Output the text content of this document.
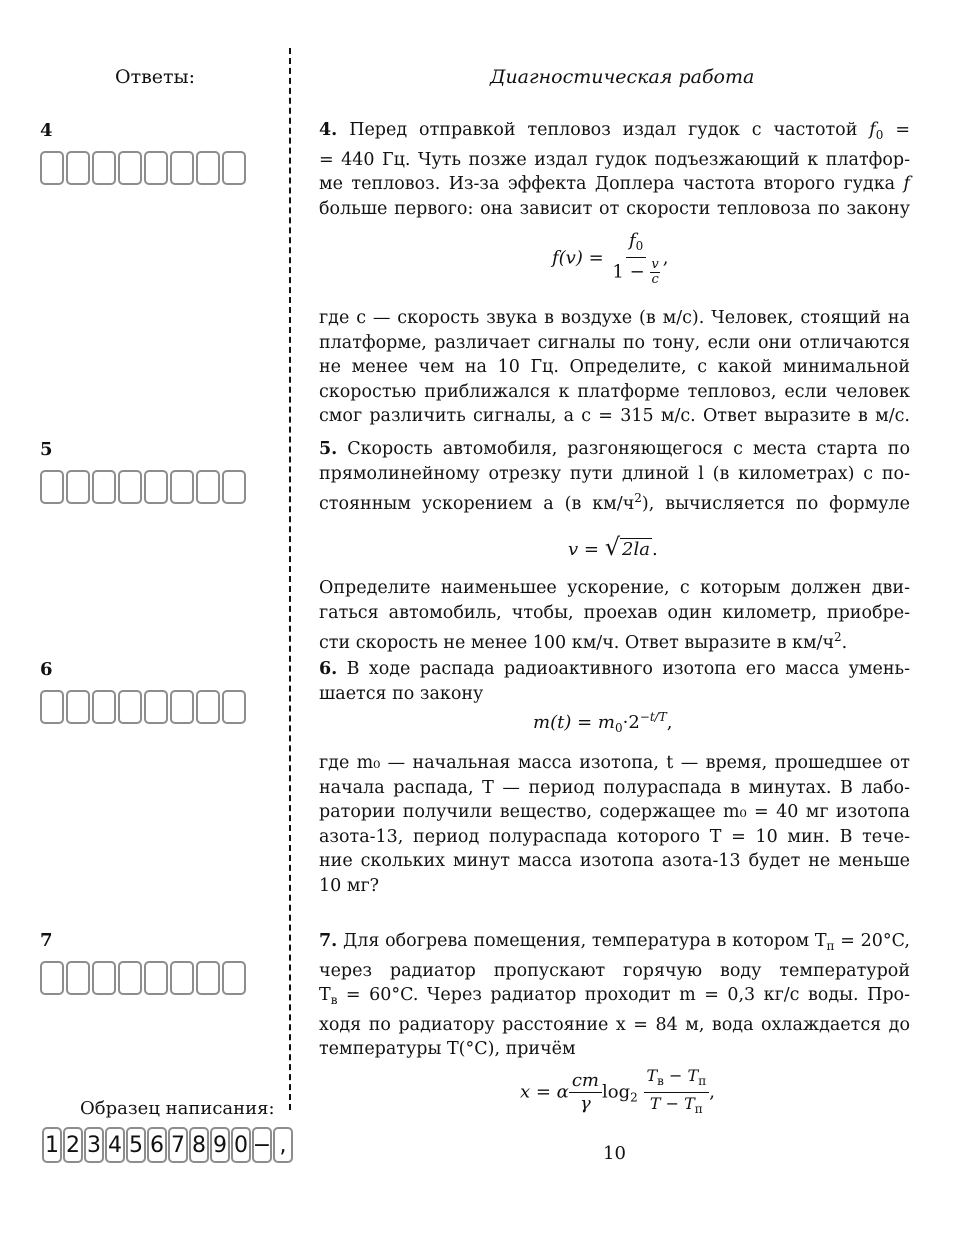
Ответы:	Диагностическая работа
4
5
6
7
4. Перед отправкой тепловоз издал гудок с частотой $f_0$ =
= 440 Гц. Чуть позже издал гудок подъезжающий к платфор-
ме тепловоз. Из-за эффекта Доплера частота второго гудка f
больше первого: она зависит от скорости тепловоза по закону
$f(v) = \frac{f_0}{1 - \frac{v}{c}}$ ,
где c — скорость звука в воздухе (в м/с). Человек, стоящий на
платформе, различает сигналы по тону, если они отличаются
не менее чем на 10 Гц. Определите, с какой минимальной
скоростью приближался к платформе тепловоз, если человек
смог различить сигналы, а c = 315 м/с. Ответ выразите в м/с.
5. Скорость автомобиля, разгоняющегося с места старта по
прямолинейному отрезку пути длиной l (в километрах) с по-
стоянным ускорением a (в $км/ч^2$), вычисляется по формуле
v = √ 2la .
Определите наименьшее ускорение, с которым должен дви-
гаться автомобиль, чтобы, проехав один километр, приобре-
сти скорость не менее 100 км/ч. Ответ выразите в $км/ч^2$.
6. В ходе распада радиоактивного изотопа его масса умень-
шается по закону
$m(t) = m_0\cdot 2^{-t/T}$,
где m₀ — начальная масса изотопа, t — время, прошедшее от
начала распада, T — период полураспада в минутах. В лабо-
ратории получили вещество, содержащее m₀ = 40 мг изотопа
азота-13, период полураспада которого T = 10 мин. В тече-
ние скольких минут масса изотопа азота-13 будет не меньше
10 мг?
7. Для обогрева помещения, температура в котором $T_п = 20^\circ C$,
через радиатор пропускают горячую воду температурой
$T_в = 60^\circ C$. Через радиатор проходит m = 0,3 кг/с воды. Про-
ходя по радиатору расстояние x = 84 м, вода охлаждается до
температуры T(°C), причём
x = α $\frac{cm}{\gamma} \log_2 \frac{T_в - T_п}{T - T_п}$ ,
Образец написания:
1 2 3 4 5 6 7 8 9 0 − ,	10
